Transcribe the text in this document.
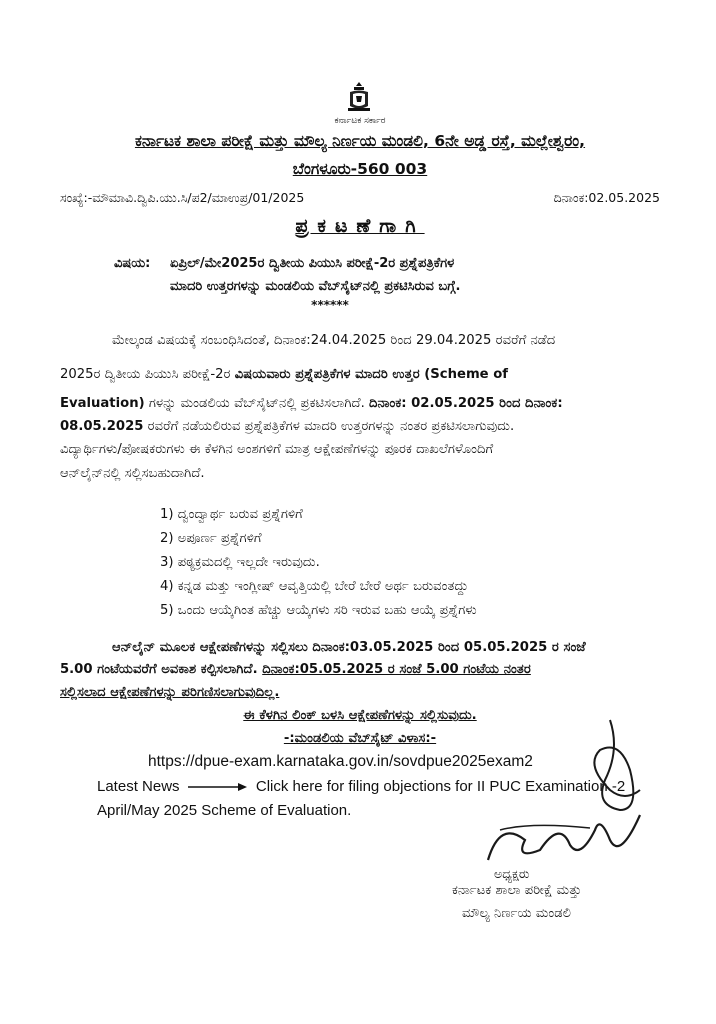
ಕರ್ನಾಟಕ ಸರ್ಕಾರ
ಕರ್ನಾಟಕ ಶಾಲಾ ಪರೀಕ್ಷೆ ಮತ್ತು ಮೌಲ್ಯ ನಿರ್ಣಯ ಮಂಡಲಿ, 6ನೇ ಅಡ್ಡ ರಸ್ತೆ, ಮಲ್ಲೇಶ್ವರಂ,
ಬೆಂಗಳೂರು-560 003
ಸಂಖ್ಯೆ:-ಮೌಮಾವಿ.ದ್ವಿಪಿ.ಯು.ಸಿ/ಪ2/ಮಾಉಪ್ರ/01/2025	ದಿನಾಂಕ:02.05.2025
ಪ್ರಕಟಣೆಗಾಗಿ
ವಿಷಯ: ಏಪ್ರಿಲ್/ಮೇ2025ರ ದ್ವಿತೀಯ ಪಿಯುಸಿ ಪರೀಕ್ಷೆ-2ರ ಪ್ರಶ್ನೆಪತ್ರಿಕೆಗಳ
ಮಾದರಿ ಉತ್ತರಗಳನ್ನು ಮಂಡಲಿಯ ವೆಬ್‌ಸೈಟ್‌ನಲ್ಲಿ ಪ್ರಕಟಿಸಿರುವ ಬಗ್ಗೆ.
******
ಮೇಲ್ಕಂಡ ವಿಷಯಕ್ಕೆ ಸಂಬಂಧಿಸಿದಂತೆ, ದಿನಾಂಕ:24.04.2025 ರಿಂದ 29.04.2025 ರವರೆಗೆ ನಡೆದ
2025ರ ದ್ವಿತೀಯ ಪಿಯುಸಿ ಪರೀಕ್ಷೆ-2ರ ವಿಷಯವಾರು ಪ್ರಶ್ನೆಪತ್ರಿಕೆಗಳ ಮಾದರಿ ಉತ್ತರ (Scheme of
Evaluation) ಗಳನ್ನು ಮಂಡಲಿಯ ವೆಬ್‌ಸೈಟ್‌ನಲ್ಲಿ ಪ್ರಕಟಿಸಲಾಗಿದೆ. ದಿನಾಂಕ: 02.05.2025 ರಿಂದ ದಿನಾಂಕ:
08.05.2025 ರವರೆಗೆ ನಡೆಯಲಿರುವ ಪ್ರಶ್ನೆಪತ್ರಿಕೆಗಳ ಮಾದರಿ ಉತ್ತರಗಳನ್ನು ನಂತರ ಪ್ರಕಟಿಸಲಾಗುವುದು.
ವಿದ್ಯಾರ್ಥಿಗಳು/ಪೋಷಕರುಗಳು ಈ ಕೆಳಗಿನ ಅಂಶಗಳಿಗೆ ಮಾತ್ರ ಆಕ್ಷೇಪಣೆಗಳನ್ನು ಪೂರಕ ದಾಖಲೆಗಳೊಂದಿಗೆ
ಆನ್‌ಲೈನ್‌ನಲ್ಲಿ ಸಲ್ಲಿಸಬಹುದಾಗಿದೆ.
1) ದ್ವಂದ್ವಾರ್ಥ ಬರುವ ಪ್ರಶ್ನೆಗಳಿಗೆ
2) ಅಪೂರ್ಣ ಪ್ರಶ್ನೆಗಳಿಗೆ
3) ಪಠ್ಯಕ್ರಮದಲ್ಲಿ ಇಲ್ಲದೇ ಇರುವುದು.
4) ಕನ್ನಡ ಮತ್ತು ಇಂಗ್ಲೀಷ್ ಆವೃತ್ತಿಯಲ್ಲಿ ಬೇರೆ ಬೇರೆ ಅರ್ಥ ಬರುವಂತದ್ದು
5) ಒಂದು ಆಯ್ಕೆಗಿಂತ ಹೆಚ್ಚು ಆಯ್ಕೆಗಳು ಸರಿ ಇರುವ ಬಹು ಆಯ್ಕೆ ಪ್ರಶ್ನೆಗಳು
ಆನ್‌ಲೈನ್ ಮೂಲಕ ಆಕ್ಷೇಪಣೆಗಳನ್ನು ಸಲ್ಲಿಸಲು ದಿನಾಂಕ:03.05.2025 ರಿಂದ 05.05.2025 ರ ಸಂಜೆ
5.00 ಗಂಟೆಯವರೆಗೆ ಅವಕಾಶ ಕಲ್ಪಿಸಲಾಗಿದೆ. ದಿನಾಂಕ:05.05.2025 ರ ಸಂಜೆ 5.00 ಗಂಟೆಯ ನಂತರ
ಸಲ್ಲಿಸಲಾದ ಆಕ್ಷೇಪಣೆಗಳನ್ನು ಪರಿಗಣಿಸಲಾಗುವುದಿಲ್ಲ.
ಈ ಕೆಳಗಿನ ಲಿಂಕ್ ಬಳಸಿ ಆಕ್ಷೇಪಣೆಗಳನ್ನು ಸಲ್ಲಿಸುವುದು.
-:ಮಂಡಲಿಯ ವೆಬ್‌ಸೈಟ್ ವಿಳಾಸ:-
https://dpue-exam.karnataka.gov.in/sovdpue2025exam2
Latest News	Click here for filing objections for II PUC Examination -2
April/May 2025 Scheme of Evaluation.
ಅಧ್ಯಕ್ಷರು
ಕರ್ನಾಟಕ ಶಾಲಾ ಪರೀಕ್ಷೆ ಮತ್ತು
ಮೌಲ್ಯ ನಿರ್ಣಯ ಮಂಡಲಿ
